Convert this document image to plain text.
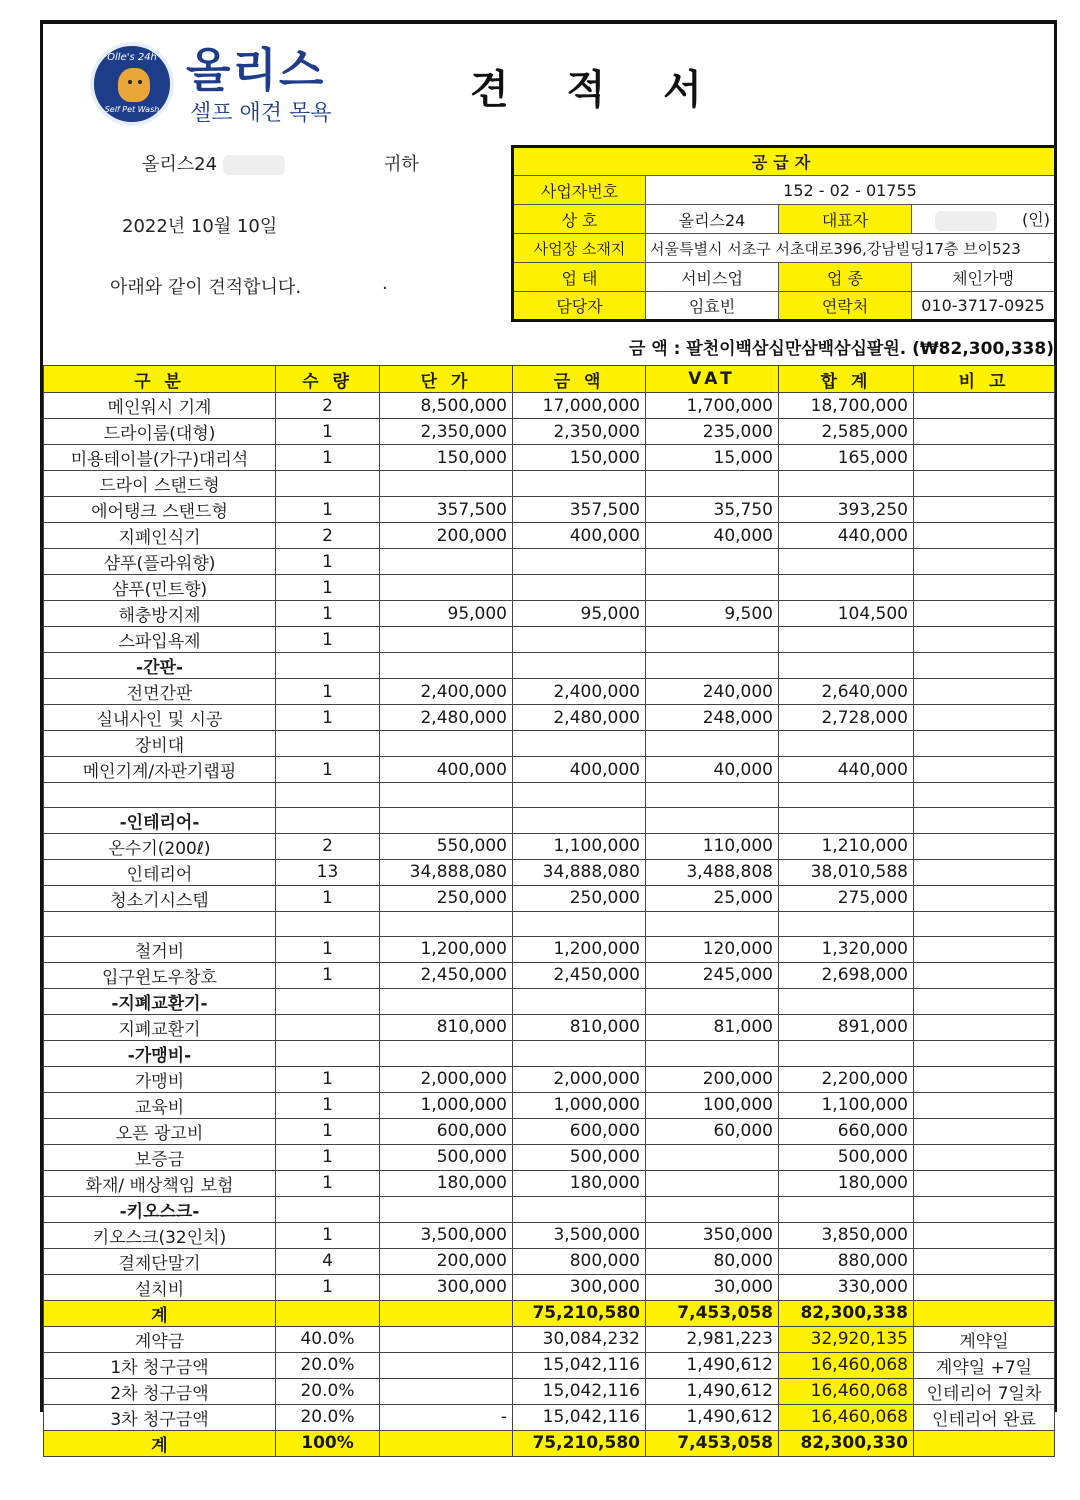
Olle's 24h
Self Pet Wash
올리스
셀프 애견 목욕
견 적 서
올리스24	귀하
2022년 10월 10일
아래와 같이 견적합니다.	.
공급자			
사업자번호	152 - 02 - 01755		
상 호	올리스24	대표자	(인)
사업장 소재지	서울특별시 서초구 서초대로396,강남빌딩17층 브이523		
업 태	서비스업	업 종	체인가맹
담당자	임효빈	연락처	010-3717-0925
금 액 : 팔천이백삼십만삼백삼십팔원. (₩82,300,338)
구 분	수 량	단 가	금 액	VAT	합 계	비 고
메인워시 기계	2	8,500,000	17,000,000	1,700,000	18,700,000	
드라이룸(대형)	1	2,350,000	2,350,000	235,000	2,585,000	
미용테이블(가구)대리석	1	150,000	150,000	15,000	165,000	
드라이 스탠드형						
에어탱크 스탠드형	1	357,500	357,500	35,750	393,250	
지폐인식기	2	200,000	400,000	40,000	440,000	
샴푸(플라워향)	1					
샴푸(민트향)	1					
해충방지제	1	95,000	95,000	9,500	104,500	
스파입욕제	1					
-간판-						
전면간판	1	2,400,000	2,400,000	240,000	2,640,000	
실내사인 및 시공	1	2,480,000	2,480,000	248,000	2,728,000	
장비대						
메인기계/자판기랩핑	1	400,000	400,000	40,000	440,000	

-인테리어-						
온수기(200ℓ)	2	550,000	1,100,000	110,000	1,210,000	
인테리어	13	34,888,080	34,888,080	3,488,808	38,010,588	
청소기시스템	1	250,000	250,000	25,000	275,000	

철거비	1	1,200,000	1,200,000	120,000	1,320,000	
입구윈도우창호	1	2,450,000	2,450,000	245,000	2,698,000	
-지폐교환기-						
지폐교환기		810,000	810,000	81,000	891,000	
-가맹비-						
가맹비	1	2,000,000	2,000,000	200,000	2,200,000	
교육비	1	1,000,000	1,000,000	100,000	1,100,000	
오픈 광고비	1	600,000	600,000	60,000	660,000	
보증금	1	500,000	500,000		500,000	
화재/ 배상책임 보험	1	180,000	180,000		180,000	
-키오스크-						
키오스크(32인치)	1	3,500,000	3,500,000	350,000	3,850,000	
결제단말기	4	200,000	800,000	80,000	880,000	
설치비	1	300,000	300,000	30,000	330,000	
계			75,210,580	7,453,058	82,300,338	
계약금	40.0%		30,084,232	2,981,223	32,920,135	계약일
1차 청구금액	20.0%		15,042,116	1,490,612	16,460,068	계약일 +7일
2차 청구금액	20.0%		15,042,116	1,490,612	16,460,068	인테리어 7일차
3차 청구금액	20.0%	-	15,042,116	1,490,612	16,460,068	인테리어 완료
계	100%		75,210,580	7,453,058	82,300,330	
